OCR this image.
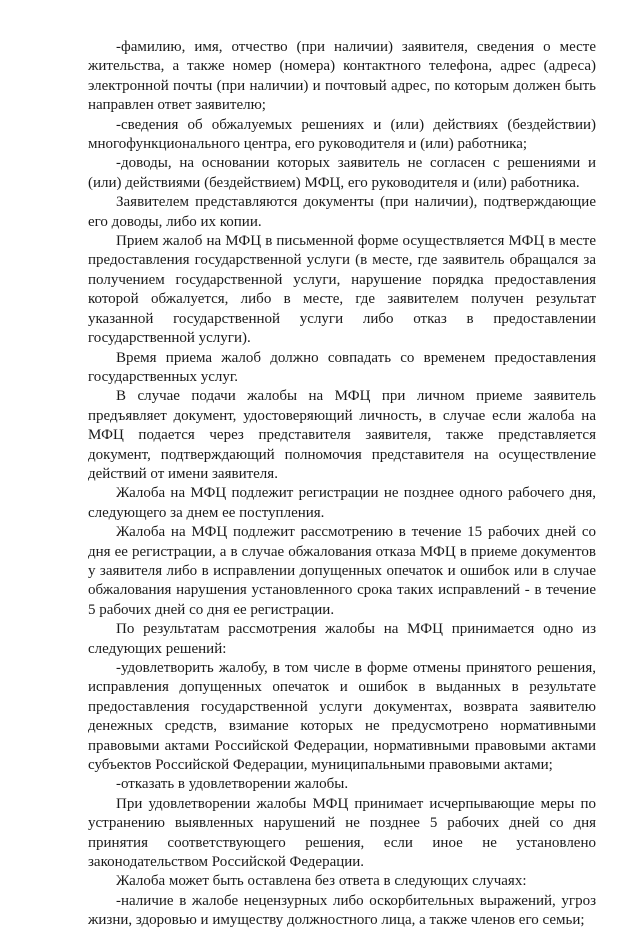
-фамилию, имя, отчество (при наличии) заявителя, сведения о месте жительства, а также номер (номера) контактного телефона, адрес (адреса) электронной почты (при наличии) и почтовый адрес, по которым должен быть направлен ответ заявителю;

-сведения об обжалуемых решениях и (или) действиях (бездействии) многофункционального центра, его руководителя и (или) работника;

-доводы, на основании которых заявитель не согласен с решениями и (или) действиями (бездействием) МФЦ, его руководителя и (или) работника.

Заявителем представляются документы (при наличии), подтверждающие его доводы, либо их копии.

Прием жалоб на МФЦ в письменной форме осуществляется МФЦ в месте предоставления государственной услуги (в месте, где заявитель обращался за получением государственной услуги, нарушение порядка предоставления которой обжалуется, либо в месте, где заявителем получен результат указанной государственной услуги либо отказ в предоставлении государственной услуги).

Время приема жалоб должно совпадать со временем предоставления государственных услуг.

В случае подачи жалобы на МФЦ при личном приеме заявитель предъявляет документ, удостоверяющий личность, в случае если жалоба на МФЦ подается через представителя заявителя, также представляется документ, подтверждающий полномочия представителя на осуществление действий от имени заявителя.

Жалоба на МФЦ подлежит регистрации не позднее одного рабочего дня, следующего за днем ее поступления.

Жалоба на МФЦ подлежит рассмотрению в течение 15 рабочих дней со дня ее регистрации, а в случае обжалования отказа МФЦ в приеме документов у заявителя либо в исправлении допущенных опечаток и ошибок или в случае обжалования нарушения установленного срока таких исправлений - в течение 5 рабочих дней со дня ее регистрации.

По результатам рассмотрения жалобы на МФЦ принимается одно из следующих решений:

-удовлетворить жалобу, в том числе в форме отмены принятого решения, исправления допущенных опечаток и ошибок в выданных в результате предоставления государственной услуги документах, возврата заявителю денежных средств, взимание которых не предусмотрено нормативными правовыми актами Российской Федерации, нормативными правовыми актами субъектов Российской Федерации, муниципальными правовыми актами;

-отказать в удовлетворении жалобы.

При удовлетворении жалобы МФЦ принимает исчерпывающие меры по устранению выявленных нарушений не позднее 5 рабочих дней со дня принятия соответствующего решения, если иное не установлено законодательством Российской Федерации.

Жалоба может быть оставлена без ответа в следующих случаях:

-наличие в жалобе нецензурных либо оскорбительных выражений, угроз жизни, здоровью и имуществу должностного лица, а также членов его семьи;
